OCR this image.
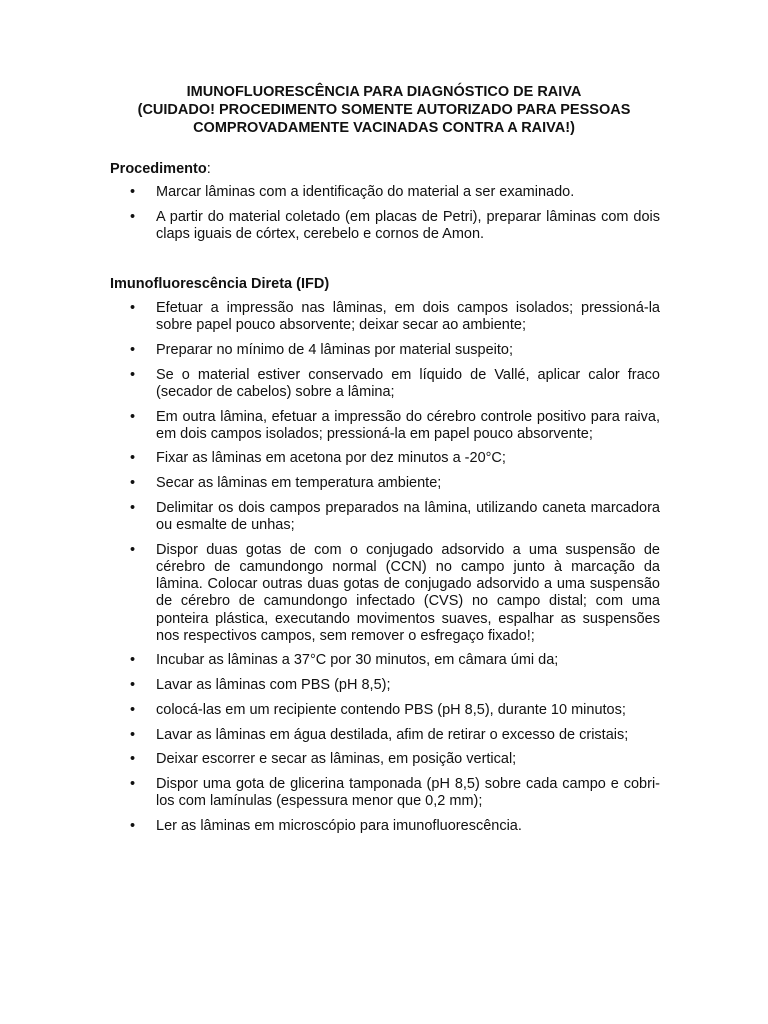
IMUNOFLUORESCÊNCIA PARA DIAGNÓSTICO DE RAIVA
(CUIDADO! PROCEDIMENTO SOMENTE AUTORIZADO PARA PESSOAS
COMPROVADAMENTE VACINADAS CONTRA A RAIVA!)
Procedimento:
• Marcar lâminas com a identificação do material a ser examinado.
• A partir do material coletado (em placas de Petri), preparar lâminas com dois claps iguais de córtex, cerebelo e cornos de Amon.
Imunofluorescência Direta (IFD)
• Efetuar a impressão nas lâminas, em dois campos isolados; pressioná-la sobre papel pouco absorvente; deixar secar ao ambiente;
• Preparar no mínimo de 4 lâminas por material suspeito;
• Se o material estiver conservado em líquido de Vallé, aplicar calor fraco (secador de cabelos) sobre a lâmina;
• Em outra lâmina, efetuar a impressão do cérebro controle positivo para raiva, em dois campos isolados; pressioná-la em papel pouco absorvente;
• Fixar as lâminas em acetona por dez minutos a -20°C;
• Secar as lâminas em temperatura ambiente;
• Delimitar os dois campos preparados na lâmina, utilizando caneta marcadora ou esmalte de unhas;
• Dispor duas gotas de com o conjugado adsorvido a uma suspensão de cérebro de camundongo normal (CCN) no campo junto à marcação da lâmina. Colocar outras duas gotas de conjugado adsorvido a uma suspensão de cérebro de camundongo infectado (CVS) no campo distal; com uma ponteira plástica, executando movimentos suaves, espalhar as suspensões nos respectivos campos, sem remover o esfregaço fixado!;
• Incubar as lâminas a 37°C por 30 minutos, em câmara úmi da;
• Lavar as lâminas com PBS (pH 8,5);
• colocá-las em um recipiente contendo PBS (pH 8,5), durante 10 minutos;
• Lavar as lâminas em água destilada, afim de retirar o excesso de cristais;
• Deixar escorrer e secar as lâminas, em posição vertical;
• Dispor uma gota de glicerina tamponada (pH 8,5) sobre cada campo e cobri-los com lamínulas (espessura menor que 0,2 mm);
• Ler as lâminas em microscópio para imunofluorescência.
